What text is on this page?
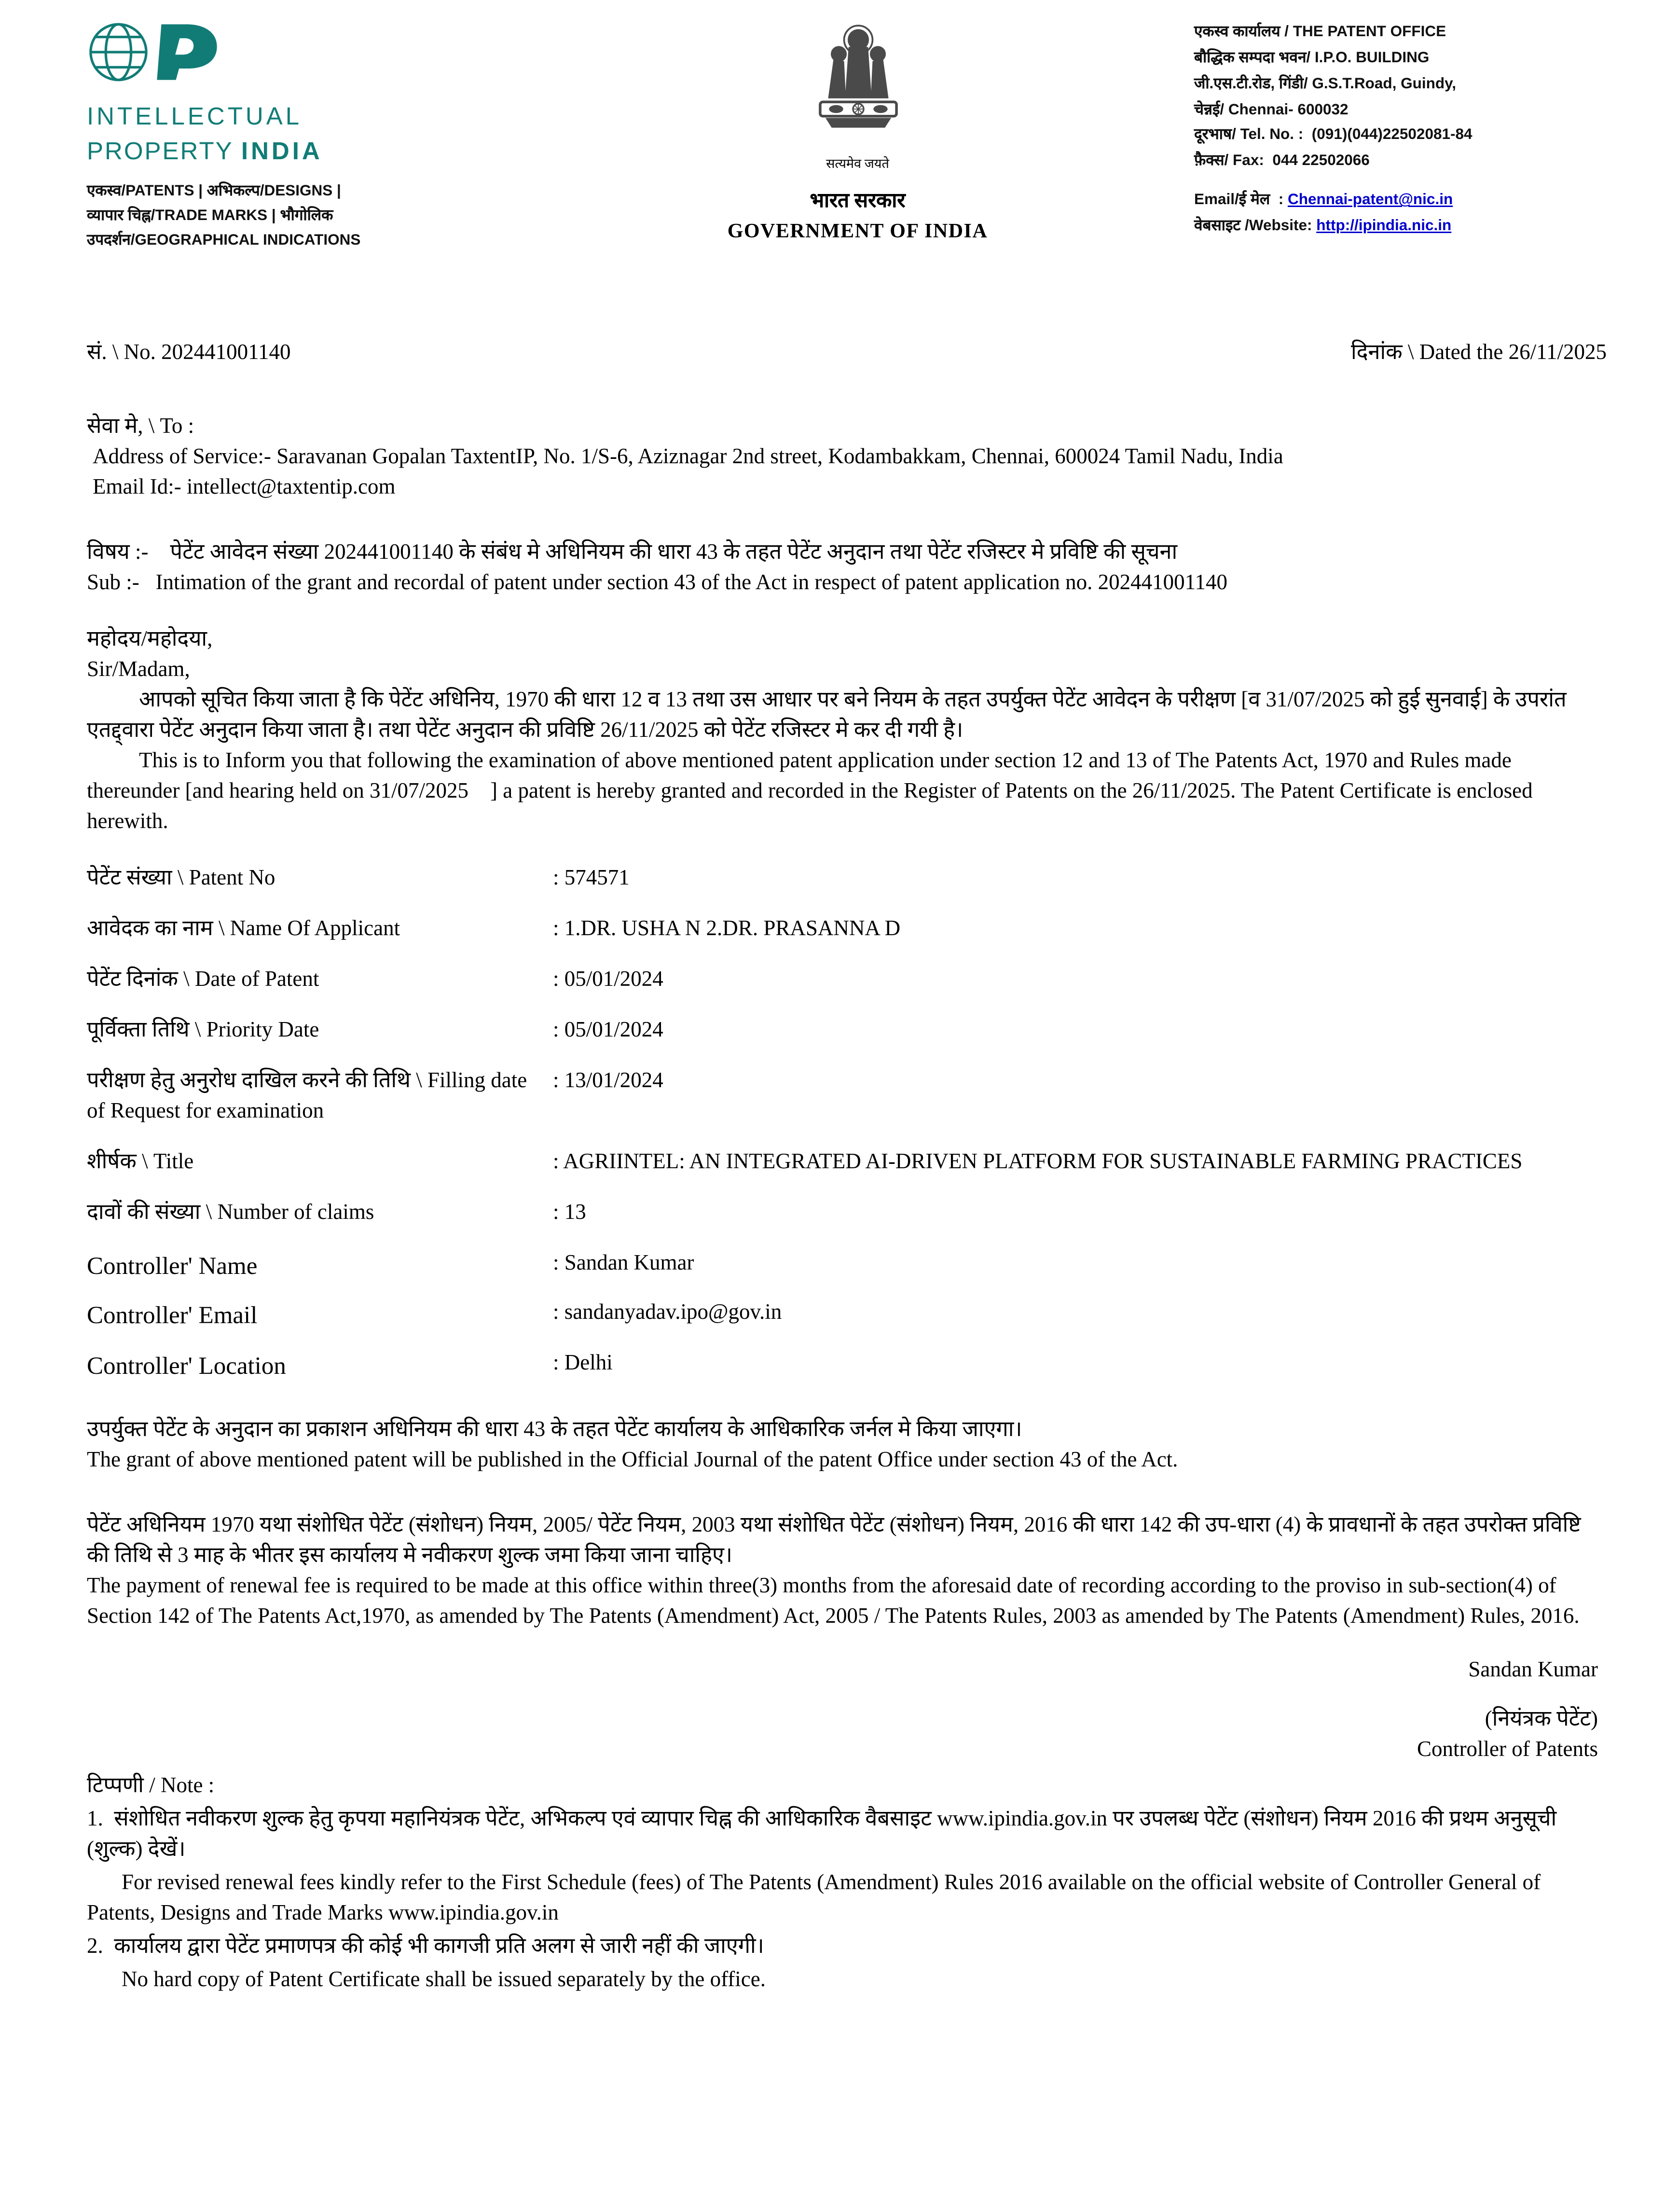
INTELLECTUAL
PROPERTY INDIA
एकस्व/PATENTS | अभिकल्प/DESIGNS |
व्यापार चिह्न/TRADE MARKS | भौगोलिक
उपदर्शन/GEOGRAPHICAL INDICATIONS
सत्यमेव जयते
भारत सरकार
GOVERNMENT OF INDIA
एकस्व कार्यालय / THE PATENT OFFICE
बौद्धिक सम्पदा भवन/ I.P.O. BUILDING
जी.एस.टी.रोड, गिंडी/ G.S.T.Road, Guindy,
चेन्नई/ Chennai- 600032
दूरभाष/ Tel. No. :  (091)(044)22502081-84
फ़ैक्स/ Fax:  044 22502066
Email/ई मेल  : Chennai-patent@nic.in
वेबसाइट /Website: http://ipindia.nic.in
सं. \ No. 202441001140	दिनांक \ Dated the 26/11/2025
सेवा मे, \ To :
Address of Service:- Saravanan Gopalan TaxtentIP, No. 1/S-6, Aziznagar 2nd street, Kodambakkam, Chennai, 600024 Tamil Nadu, India
Email Id:- intellect@taxtentip.com
विषय :-    पेटेंट आवेदन संख्या 202441001140 के संबंध मे अधिनियम की धारा 43 के तहत पेटेंट अनुदान तथा पेटेंट रजिस्टर मे प्रविष्टि की सूचना
Sub :-   Intimation of the grant and recordal of patent under section 43 of the Act in respect of patent application no. 202441001140
महोदय/महोदया,
Sir/Madam,
आपको सूचित किया जाता है कि पेटेंट अधिनिय, 1970 की धारा 12 व 13 तथा उस आधार पर बने नियम के तहत उपर्युक्त पेटेंट आवेदन के परीक्षण [व 31/07/2025 को हुई सुनवाई] के उपरांत एतद्द्वारा पेटेंट अनुदान किया जाता है। तथा पेटेंट अनुदान की प्रविष्टि 26/11/2025 को पेटेंट रजिस्टर मे कर दी गयी है।
This is to Inform you that following the examination of above mentioned patent application under section 12 and 13 of The Patents Act, 1970 and Rules made thereunder [and hearing held on 31/07/2025    ] a patent is hereby granted and recorded in the Register of Patents on the 26/11/2025. The Patent Certificate is enclosed herewith.
पेटेंट संख्या \ Patent No	: 574571
आवेदक का नाम \ Name Of Applicant	: 1.DR. USHA N 2.DR. PRASANNA D
पेटेंट दिनांक \ Date of Patent	: 05/01/2024
पूर्विक्ता तिथि \ Priority Date	: 05/01/2024
परीक्षण हेतु अनुरोध दाखिल करने की तिथि \ Filling date of Request for examination
: 13/01/2024
शीर्षक \ Title	: AGRIINTEL: AN INTEGRATED AI-DRIVEN PLATFORM FOR SUSTAINABLE FARMING PRACTICES
दावों की संख्या \ Number of claims	: 13
Controller' Name	: Sandan Kumar
Controller' Email	: sandanyadav.ipo@gov.in
Controller' Location	: Delhi
उपर्युक्त पेटेंट के अनुदान का प्रकाशन अधिनियम की धारा 43 के तहत पेटेंट कार्यालय के आधिकारिक जर्नल मे किया जाएगा।
The grant of above mentioned patent will be published in the Official Journal of the patent Office under section 43 of the Act.
पेटेंट अधिनियम 1970 यथा संशोधित पेटेंट (संशोधन) नियम, 2005/ पेटेंट नियम, 2003 यथा संशोधित पेटेंट (संशोधन) नियम, 2016 की धारा 142 की उप-धारा (4) के प्रावधानों के तहत उपरोक्त प्रविष्टि की तिथि से 3 माह के भीतर इस कार्यालय मे नवीकरण शुल्क जमा किया जाना चाहिए।
The payment of renewal fee is required to be made at this office within three(3) months from the aforesaid date of recording according to the proviso in sub-section(4) of Section 142 of The Patents Act,1970, as amended by The Patents (Amendment) Act, 2005 / The Patents Rules, 2003 as amended by The Patents (Amendment) Rules, 2016.
Sandan Kumar
(नियंत्रक पेटेंट)
Controller of Patents
टिप्पणी / Note :
1.  संशोधित नवीकरण शुल्क हेतु कृपया महानियंत्रक पेटेंट, अभिकल्प एवं व्यापार चिह्न की आधिकारिक वैबसाइट www.ipindia.gov.in पर उपलब्ध पेटेंट (संशोधन) नियम 2016 की प्रथम अनुसूची (शुल्क) देखें।
For revised renewal fees kindly refer to the First Schedule (fees) of The Patents (Amendment) Rules 2016 available on the official website of Controller General of Patents, Designs and Trade Marks www.ipindia.gov.in
2.  कार्यालय द्वारा पेटेंट प्रमाणपत्र की कोई भी कागजी प्रति अलग से जारी नहीं की जाएगी।
No hard copy of Patent Certificate shall be issued separately by the office.
